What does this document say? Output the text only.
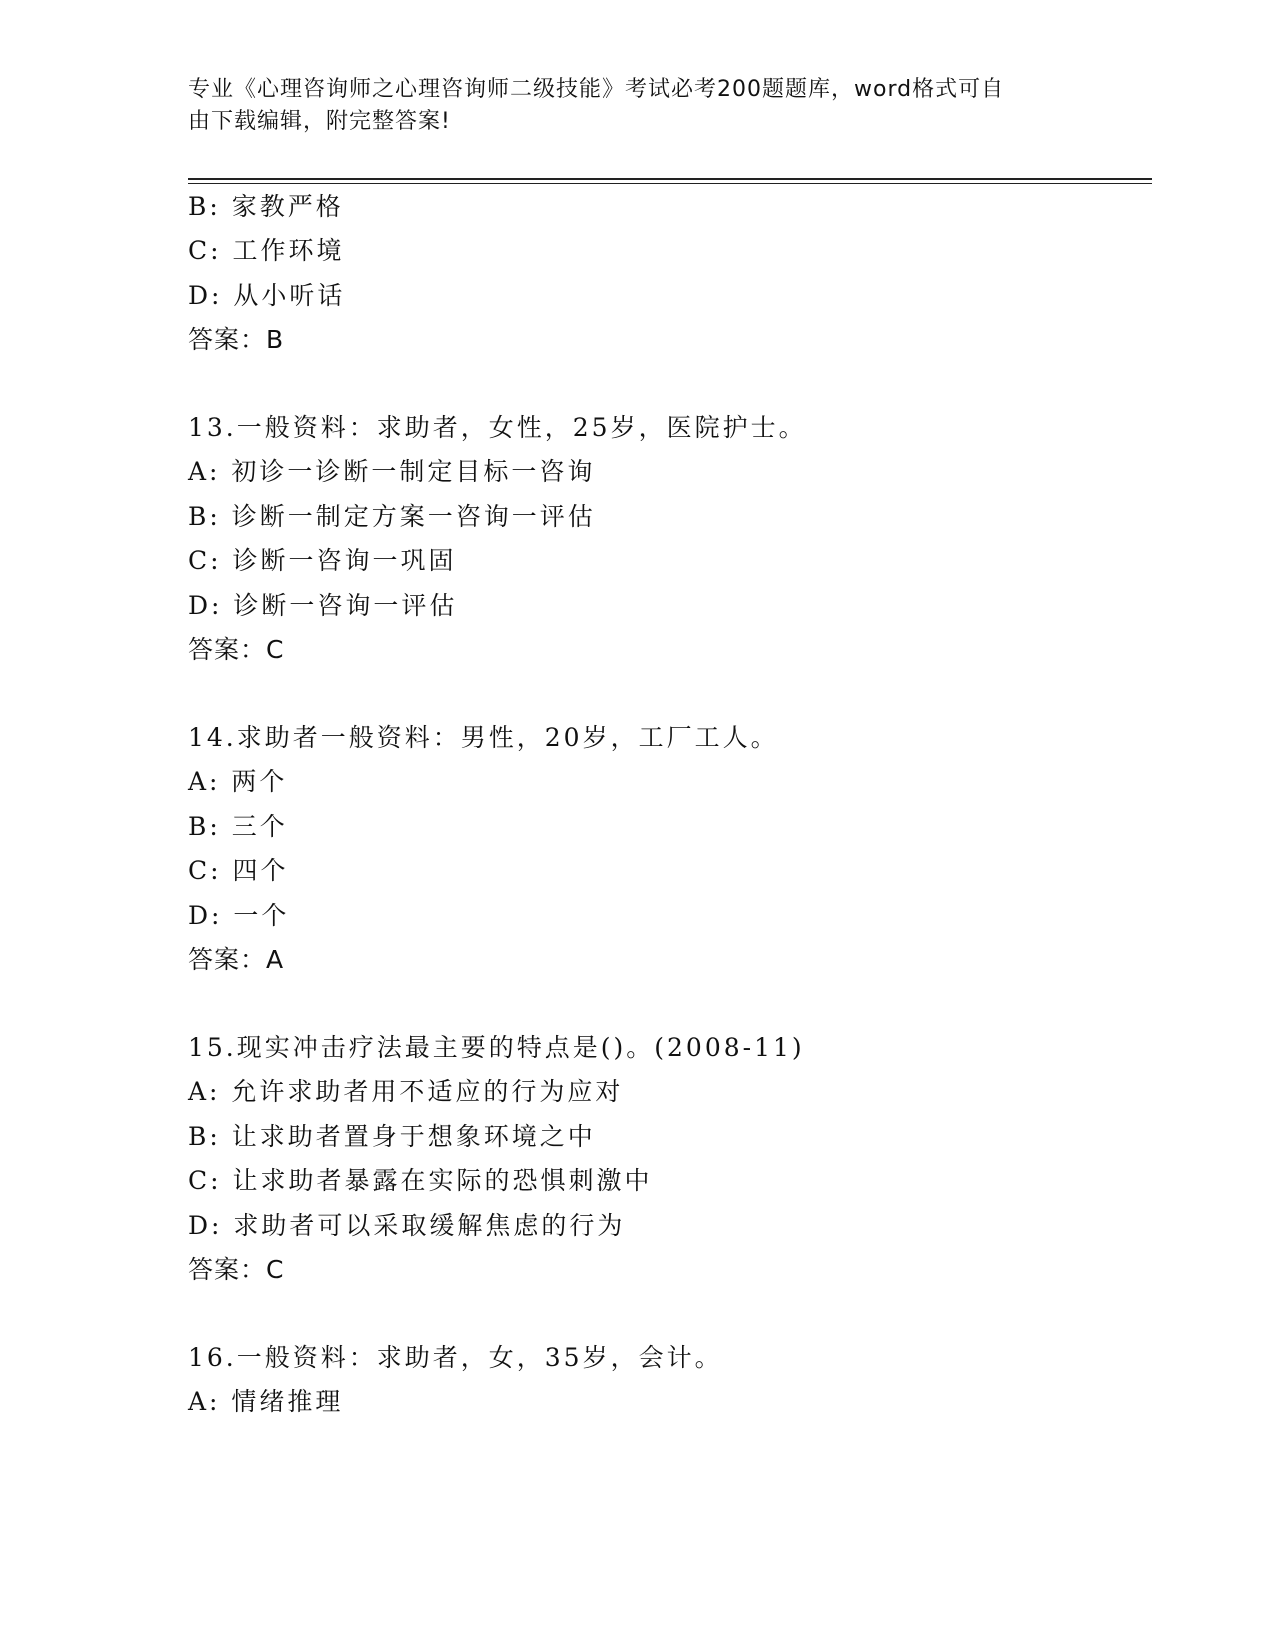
专业《心理咨询师之心理咨询师二级技能》考试必考200题题库，word格式可自
由下载编辑，附完整答案!
B: 家教严格
C: 工作环境
D: 从小听话
答案：B
13.一般资料：求助者，女性，25岁，医院护士。
A: 初诊一诊断一制定目标一咨询
B: 诊断一制定方案一咨询一评估
C: 诊断一咨询一巩固
D: 诊断一咨询一评估
答案：C
14.求助者一般资料：男性，20岁，工厂工人。
A: 两个
B: 三个
C: 四个
D: 一个
答案：A
15.现实冲击疗法最主要的特点是()。(2008-11)
A: 允许求助者用不适应的行为应对
B: 让求助者置身于想象环境之中
C: 让求助者暴露在实际的恐惧刺激中
D: 求助者可以采取缓解焦虑的行为
答案：C
16.一般资料：求助者，女，35岁，会计。
A: 情绪推理
